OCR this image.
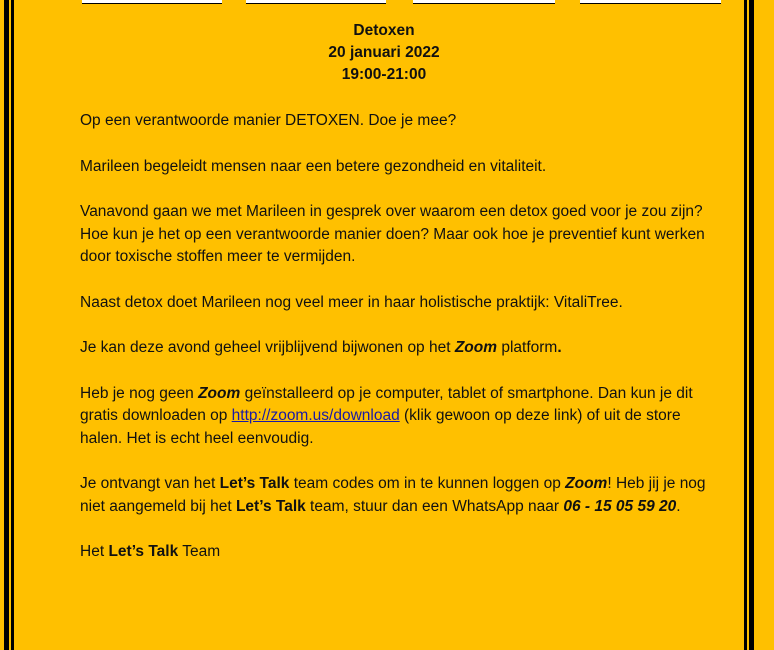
Detoxen
20 januari 2022
19:00-21:00

Op een verantwoorde manier DETOXEN. Doe je mee?

Marileen begeleidt mensen naar een betere gezondheid en vitaliteit.

Vanavond gaan we met Marileen in gesprek over waarom een detox goed voor je zou zijn? Hoe kun je het op een verantwoorde manier doen? Maar ook hoe je preventief kunt werken door toxische stoffen meer te vermijden.

Naast detox doet Marileen nog veel meer in haar holistische praktijk: VitaliTree.

Je kan deze avond geheel vrijblijvend bijwonen op het Zoom platform.

Heb je nog geen Zoom geïnstalleerd op je computer, tablet of smartphone. Dan kun je dit gratis downloaden op http://zoom.us/download (klik gewoon op deze link) of uit de store halen. Het is echt heel eenvoudig.

Je ontvangt van het Let’s Talk team codes om in te kunnen loggen op Zoom! Heb jij je nog niet aangemeld bij het Let’s Talk team, stuur dan een WhatsApp naar 06 - 15 05 59 20.

Het Let’s Talk Team
